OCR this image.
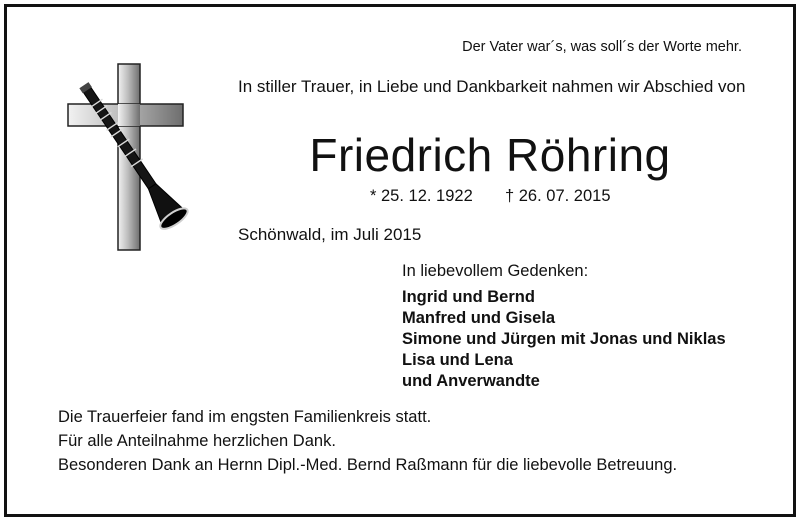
Der Vater war´s, was soll´s der Worte mehr.
In stiller Trauer, in Liebe und Dankbarkeit nahmen wir Abschied von
Friedrich Röhring
* 25. 12. 1922 † 26. 07. 2015
Schönwald, im Juli 2015
In liebevollem Gedenken:
Ingrid und Bernd
Manfred und Gisela
Simone und Jürgen mit Jonas und Niklas
Lisa und Lena
und Anverwandte
Die Trauerfeier fand im engsten Familienkreis statt.
Für alle Anteilnahme herzlichen Dank.
Besonderen Dank an Hernn Dipl.-Med. Bernd Raßmann für die liebevolle Betreuung.
